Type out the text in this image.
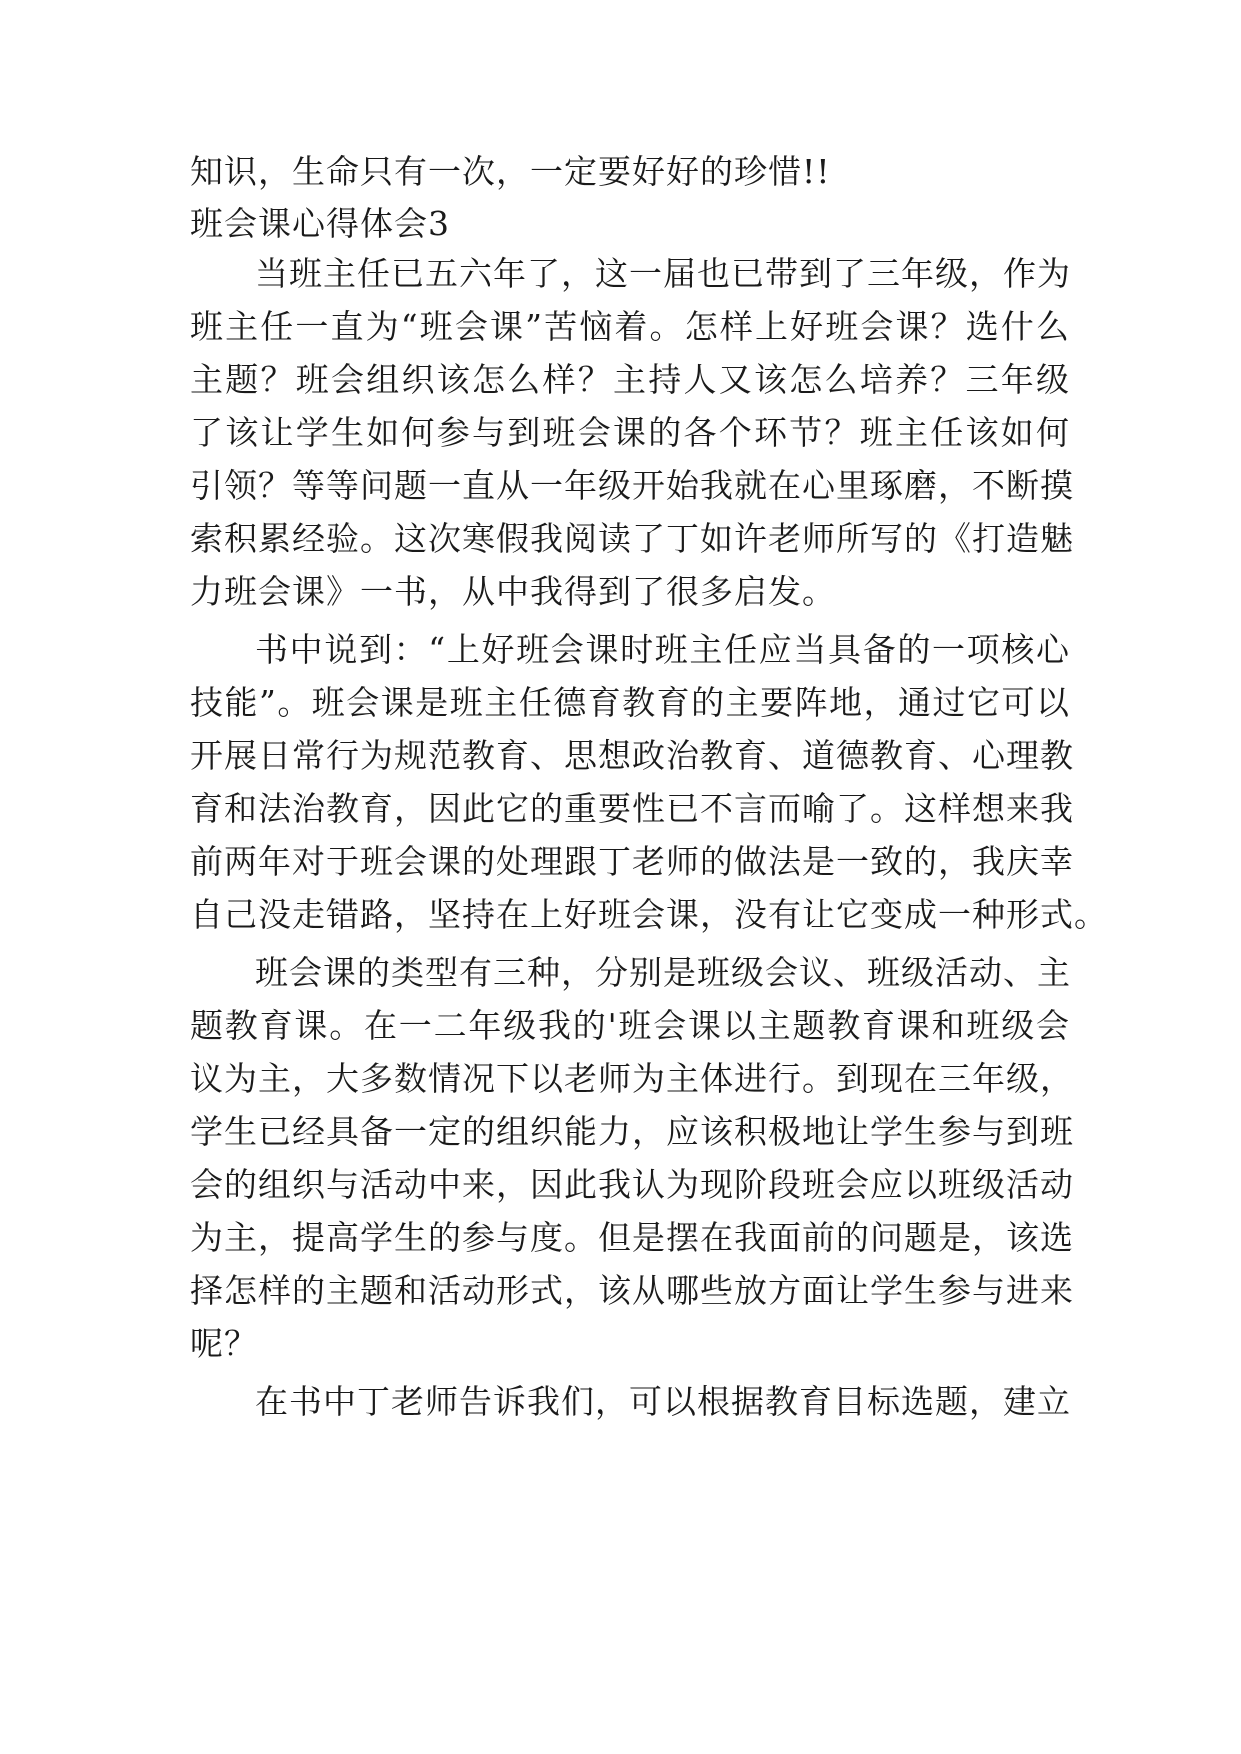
知识，生命只有一次，一定要好好的珍惜!!
班会课心得体会3
当班主任已五六年了，这一届也已带到了三年级，作为
班主任一直为“班会课”苦恼着。怎样上好班会课？选什么
主题？班会组织该怎么样？主持人又该怎么培养？三年级
了该让学生如何参与到班会课的各个环节？班主任该如何
引领？等等问题一直从一年级开始我就在心里琢磨，不断摸
索积累经验。这次寒假我阅读了丁如许老师所写的《打造魅
力班会课》一书，从中我得到了很多启发。
书中说到：“上好班会课时班主任应当具备的一项核心
技能”。班会课是班主任德育教育的主要阵地，通过它可以
开展日常行为规范教育、思想政治教育、道德教育、心理教
育和法治教育，因此它的重要性已不言而喻了。这样想来我
前两年对于班会课的处理跟丁老师的做法是一致的，我庆幸
自己没走错路，坚持在上好班会课，没有让它变成一种形式。
班会课的类型有三种，分别是班级会议、班级活动、主
题教育课。在一二年级我的'班会课以主题教育课和班级会
议为主，大多数情况下以老师为主体进行。到现在三年级，
学生已经具备一定的组织能力，应该积极地让学生参与到班
会的组织与活动中来，因此我认为现阶段班会应以班级活动
为主，提高学生的参与度。但是摆在我面前的问题是，该选
择怎样的主题和活动形式，该从哪些放方面让学生参与进来
呢？
在书中丁老师告诉我们，可以根据教育目标选题，建立
